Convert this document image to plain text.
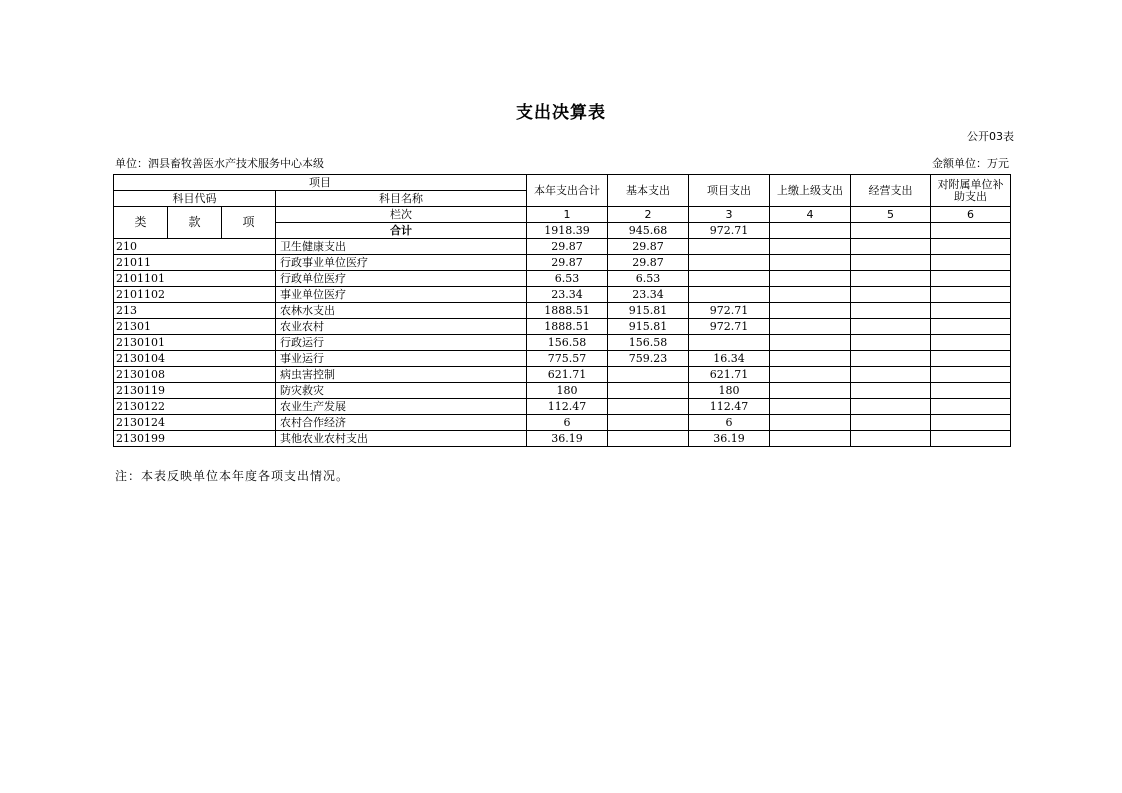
支出决算表
公开03表
单位：泗县畜牧善医水产技术服务中心本级	金额单位：万元
项目				本年支出合计	基本支出	项目支出	上缴上级支出	经营支出	对附属单位补助支出
科目代码			科目名称						
类	款	项	栏次	1	2	3	4	5	6
			合计	1918.39	945.68	972.71			
210			卫生健康支出	29.87	29.87				
21011			行政事业单位医疗	29.87	29.87				
2101101			行政单位医疗	6.53	6.53				
2101102			事业单位医疗	23.34	23.34				
213			农林水支出	1888.51	915.81	972.71			
21301			农业农村	1888.51	915.81	972.71			
2130101			行政运行	156.58	156.58				
2130104			事业运行	775.57	759.23	16.34			
2130108			病虫害控制	621.71		621.71			
2130119			防灾救灾	180		180			
2130122			农业生产发展	112.47		112.47			
2130124			农村合作经济	6		6			
2130199			其他农业农村支出	36.19		36.19			
注：本表反映单位本年度各项支出情况。
